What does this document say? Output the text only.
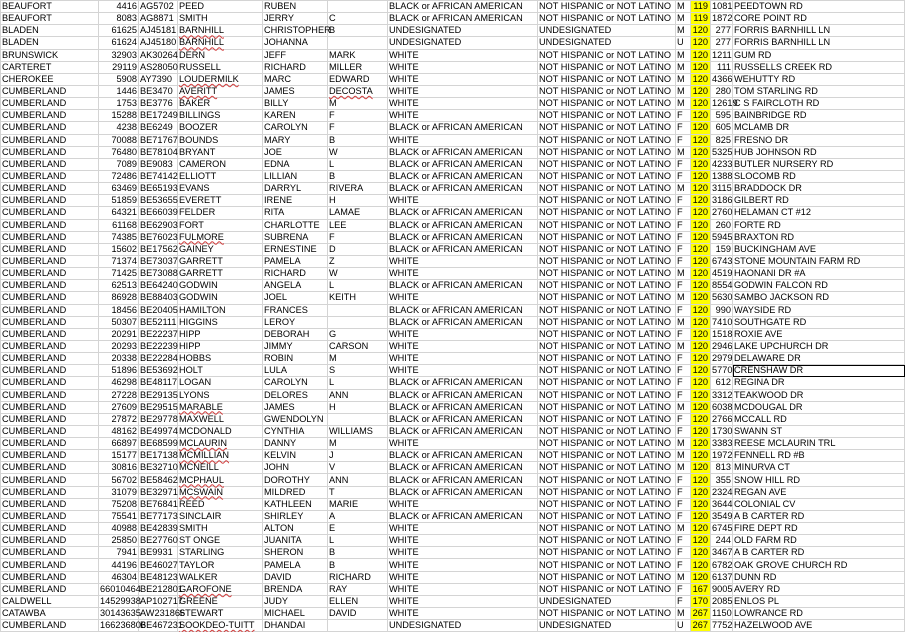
BEAUFORT	4416	AG5702	PEED	RUBEN		BLACK or AFRICAN AMERICAN	NOT HISPANIC or NOT LATINO	M	119	1081	PEEDTOWN RD
BEAUFORT	8083	AG8871	SMITH	JERRY	C	BLACK or AFRICAN AMERICAN	NOT HISPANIC or NOT LATINO	M	119	1872	CORE POINT RD
BLADEN	61625	AJ45181	BARNHILL	CHRISTOPHER	B	UNDESIGNATED	UNDESIGNATED	M	120	277	FORRIS BARNHILL LN
BLADEN	61624	AJ45180	BARNHILL	JOHANNA		UNDESIGNATED	UNDESIGNATED	U	120	277	FORRIS BARNHILL LN
BRUNSWICK	32903	AK30264	DERN	JEFF	MARK	WHITE	NOT HISPANIC or NOT LATINO	M	120	1211	GUM RD
CARTERET	29119	AS28050	RUSSELL	RICHARD	MILLER	WHITE	NOT HISPANIC or NOT LATINO	M	120	111	RUSSELLS CREEK RD
CHEROKEE	5908	AY7390	LOUDERMILK	MARC	EDWARD	WHITE	NOT HISPANIC or NOT LATINO	M	120	4366	WEHUTTY RD
CUMBERLAND	1446	BE3470	AVERITT	JAMES	DECOSTA	WHITE	NOT HISPANIC or NOT LATINO	M	120	280	TOM STARLING RD
CUMBERLAND	1753	BE3776	BAKER	BILLY	M	WHITE	NOT HISPANIC or NOT LATINO	M	120	12619	C S FAIRCLOTH RD
CUMBERLAND	15288	BE17249	BILLINGS	KAREN	F	WHITE	NOT HISPANIC or NOT LATINO	F	120	595	BAINBRIDGE RD
CUMBERLAND	4238	BE6249	BOOZER	CAROLYN	F	BLACK or AFRICAN AMERICAN	NOT HISPANIC or NOT LATINO	F	120	605	MCLAMB DR
CUMBERLAND	70088	BE71767	BOUNDS	MARY	B	WHITE	NOT HISPANIC or NOT LATINO	F	120	825	FRESNO DR
CUMBERLAND	76480	BE78104	BRYANT	JOE	W	BLACK or AFRICAN AMERICAN	NOT HISPANIC or NOT LATINO	M	120	5325	HUB JOHNSON RD
CUMBERLAND	7089	BE9083	CAMERON	EDNA	L	BLACK or AFRICAN AMERICAN	NOT HISPANIC or NOT LATINO	F	120	4233	BUTLER NURSERY RD
CUMBERLAND	72486	BE74142	ELLIOTT	LILLIAN	B	BLACK or AFRICAN AMERICAN	NOT HISPANIC or NOT LATINO	F	120	1388	SLOCOMB RD
CUMBERLAND	63469	BE65193	EVANS	DARRYL	RIVERA	BLACK or AFRICAN AMERICAN	NOT HISPANIC or NOT LATINO	M	120	3115	BRADDOCK DR
CUMBERLAND	51859	BE53655	EVERETT	IRENE	H	WHITE	NOT HISPANIC or NOT LATINO	F	120	3186	GILBERT RD
CUMBERLAND	64321	BE66039	FELDER	RITA	LAMAE	BLACK or AFRICAN AMERICAN	NOT HISPANIC or NOT LATINO	F	120	2760	HELAMAN CT #12
CUMBERLAND	61168	BE62903	FORT	CHARLOTTE	LEE	BLACK or AFRICAN AMERICAN	NOT HISPANIC or NOT LATINO	F	120	260	FORTE RD
CUMBERLAND	74385	BE76023	FULMORE	SUBRENA	F	BLACK or AFRICAN AMERICAN	NOT HISPANIC or NOT LATINO	F	120	5945	BRAXTON RD
CUMBERLAND	15602	BE17562	GAINEY	ERNESTINE	D	BLACK or AFRICAN AMERICAN	NOT HISPANIC or NOT LATINO	F	120	159	BUCKINGHAM AVE
CUMBERLAND	71374	BE73037	GARRETT	PAMELA	Z	WHITE	NOT HISPANIC or NOT LATINO	F	120	6743	STONE MOUNTAIN FARM RD
CUMBERLAND	71425	BE73088	GARRETT	RICHARD	W	WHITE	NOT HISPANIC or NOT LATINO	M	120	4519	HAONANI DR #A
CUMBERLAND	62513	BE64240	GODWIN	ANGELA	L	BLACK or AFRICAN AMERICAN	NOT HISPANIC or NOT LATINO	F	120	8554	GODWIN FALCON RD
CUMBERLAND	86928	BE88403	GODWIN	JOEL	KEITH	WHITE	NOT HISPANIC or NOT LATINO	M	120	5630	SAMBO JACKSON RD
CUMBERLAND	18456	BE20405	HAMILTON	FRANCES		BLACK or AFRICAN AMERICAN	NOT HISPANIC or NOT LATINO	F	120	990	WAYSIDE RD
CUMBERLAND	50307	BE52111	HIGGINS	LEROY		BLACK or AFRICAN AMERICAN	NOT HISPANIC or NOT LATINO	M	120	7410	SOUTHGATE RD
CUMBERLAND	20291	BE22237	HIPP	DEBORAH	G	WHITE	NOT HISPANIC or NOT LATINO	F	120	1518	ROXIE AVE
CUMBERLAND	20293	BE22239	HIPP	JIMMY	CARSON	WHITE	NOT HISPANIC or NOT LATINO	M	120	2946	LAKE UPCHURCH DR
CUMBERLAND	20338	BE22284	HOBBS	ROBIN	M	WHITE	NOT HISPANIC or NOT LATINO	F	120	2979	DELAWARE DR
CUMBERLAND	51896	BE53692	HOLT	LULA	S	WHITE	NOT HISPANIC or NOT LATINO	F	120	5770	CRENSHAW DR
CUMBERLAND	46298	BE48117	LOGAN	CAROLYN	L	BLACK or AFRICAN AMERICAN	NOT HISPANIC or NOT LATINO	F	120	612	REGINA DR
CUMBERLAND	27228	BE29135	LYONS	DELORES	ANN	BLACK or AFRICAN AMERICAN	NOT HISPANIC or NOT LATINO	F	120	3312	TEAKWOOD DR
CUMBERLAND	27609	BE29515	MARABLE	JAMES	H	BLACK or AFRICAN AMERICAN	NOT HISPANIC or NOT LATINO	M	120	6038	MCDOUGAL DR
CUMBERLAND	27872	BE29778	MAXWELL	GWENDOLYN		BLACK or AFRICAN AMERICAN	NOT HISPANIC or NOT LATINO	F	120	2766	MCCALL RD
CUMBERLAND	48162	BE49974	MCDONALD	CYNTHIA	WILLIAMS	BLACK or AFRICAN AMERICAN	NOT HISPANIC or NOT LATINO	F	120	1730	SWANN ST
CUMBERLAND	66897	BE68599	MCLAURIN	DANNY	M	WHITE	NOT HISPANIC or NOT LATINO	M	120	3383	REESE MCLAURIN TRL
CUMBERLAND	15177	BE17138	MCMILLIAN	KELVIN	J	BLACK or AFRICAN AMERICAN	NOT HISPANIC or NOT LATINO	M	120	1972	FENNELL RD #B
CUMBERLAND	30816	BE32710	MCNEILL	JOHN	V	BLACK or AFRICAN AMERICAN	NOT HISPANIC or NOT LATINO	M	120	813	MINURVA CT
CUMBERLAND	56702	BE58462	MCPHAUL	DOROTHY	ANN	BLACK or AFRICAN AMERICAN	NOT HISPANIC or NOT LATINO	F	120	355	SNOW HILL RD
CUMBERLAND	31079	BE32971	MCSWAIN	MILDRED	T	BLACK or AFRICAN AMERICAN	NOT HISPANIC or NOT LATINO	F	120	2324	REGAN AVE
CUMBERLAND	75208	BE76841	REED	KATHLEEN	MARIE	WHITE	NOT HISPANIC or NOT LATINO	F	120	3644	COLONIAL CV
CUMBERLAND	75541	BE77173	SINCLAIR	SHIRLEY	A	BLACK or AFRICAN AMERICAN	NOT HISPANIC or NOT LATINO	F	120	3549	A B CARTER RD
CUMBERLAND	40988	BE42839	SMITH	ALTON	E	WHITE	NOT HISPANIC or NOT LATINO	M	120	6745	FIRE DEPT RD
CUMBERLAND	25850	BE27760	ST ONGE	JUANITA	L	WHITE	NOT HISPANIC or NOT LATINO	F	120	244	OLD FARM RD
CUMBERLAND	7941	BE9931	STARLING	SHERON	B	WHITE	NOT HISPANIC or NOT LATINO	F	120	3467	A B CARTER RD
CUMBERLAND	44196	BE46027	TAYLOR	PAMELA	B	WHITE	NOT HISPANIC or NOT LATINO	F	120	6782	OAK GROVE CHURCH RD
CUMBERLAND	46304	BE48123	WALKER	DAVID	RICHARD	WHITE	NOT HISPANIC or NOT LATINO	M	120	6137	DUNN RD
CUMBERLAND	66010464	BE212801	GAROFONE	BRENDA	RAY	WHITE	NOT HISPANIC or NOT LATINO	F	167	9005	AVERY RD
CALDWELL	14529938	AP102717	GREENE	JUDY	ELLEN	WHITE	UNDESIGNATED	F	170	2085	ENLOS PL
CATAWBA	30143635	AW231866	STEWART	MICHAEL	DAVID	WHITE	NOT HISPANIC or NOT LATINO	M	267	1150	LOWRANCE RD
CUMBERLAND	166236806	BE467231	SOOKDEO-TUITT	DHANDAI		UNDESIGNATED	UNDESIGNATED	U	267	7752	HAZELWOOD AVE
